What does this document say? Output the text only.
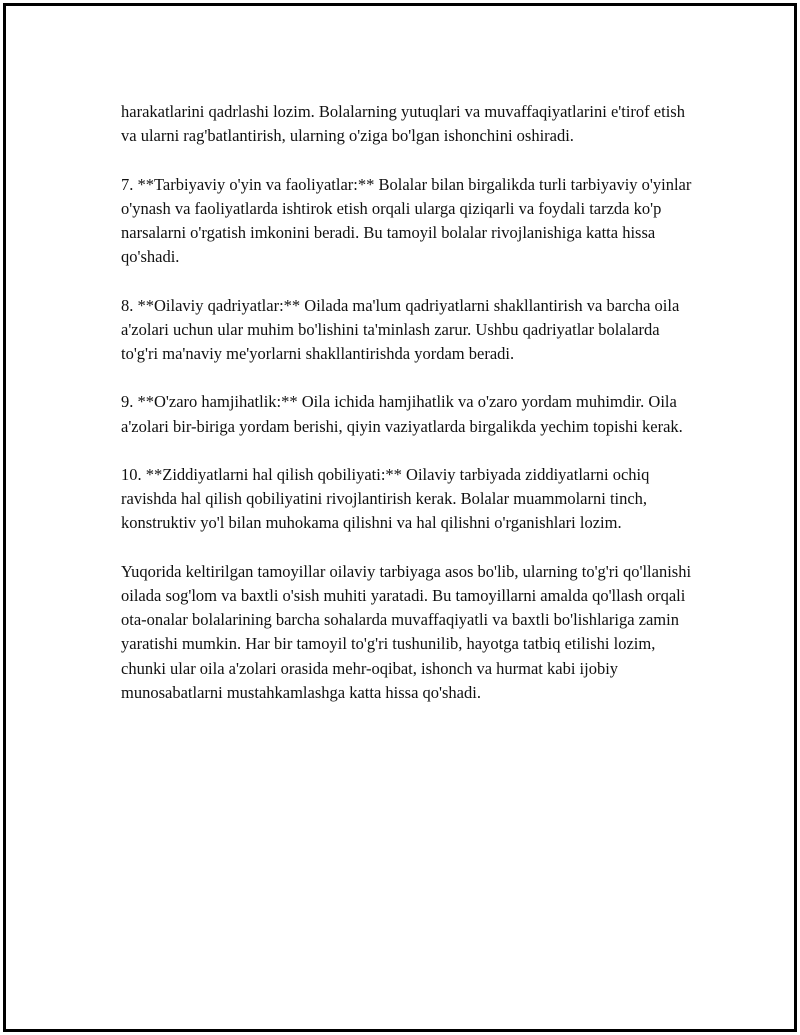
harakatlarini qadrlashi lozim. Bolalarning yutuqlari va muvaffaqiyatlarini e'tirof etish va ularni rag'batlantirish, ularning o'ziga bo'lgan ishonchini oshiradi.

7. **Tarbiyaviy o'yin va faoliyatlar:** Bolalar bilan birgalikda turli tarbiyaviy o'yinlar o'ynash va faoliyatlarda ishtirok etish orqali ularga qiziqarli va foydali tarzda ko'p narsalarni o'rgatish imkonini beradi. Bu tamoyil bolalar rivojlanishiga katta hissa qo'shadi.

8. **Oilaviy qadriyatlar:** Oilada ma'lum qadriyatlarni shakllantirish va barcha oila a'zolari uchun ular muhim bo'lishini ta'minlash zarur. Ushbu qadriyatlar bolalarda to'g'ri ma'naviy me'yorlarni shakllantirishda yordam beradi.

9. **O'zaro hamjihatlik:** Oila ichida hamjihatlik va o'zaro yordam muhimdir. Oila a'zolari bir-biriga yordam berishi, qiyin vaziyatlarda birgalikda yechim topishi kerak.

10. **Ziddiyatlarni hal qilish qobiliyati:** Oilaviy tarbiyada ziddiyatlarni ochiq ravishda hal qilish qobiliyatini rivojlantirish kerak. Bolalar muammolarni tinch, konstruktiv yo'l bilan muhokama qilishni va hal qilishni o'rganishlari lozim.

Yuqorida keltirilgan tamoyillar oilaviy tarbiyaga asos bo'lib, ularning to'g'ri qo'llanishi oilada sog'lom va baxtli o'sish muhiti yaratadi. Bu tamoyillarni amalda qo'llash orqali ota-onalar bolalarining barcha sohalarda muvaffaqiyatli va baxtli bo'lishlariga zamin yaratishi mumkin. Har bir tamoyil to'g'ri tushunilib, hayotga tatbiq etilishi lozim, chunki ular oila a'zolari orasida mehr-oqibat, ishonch va hurmat kabi ijobiy munosabatlarni mustahkamlashga katta hissa qo'shadi.
